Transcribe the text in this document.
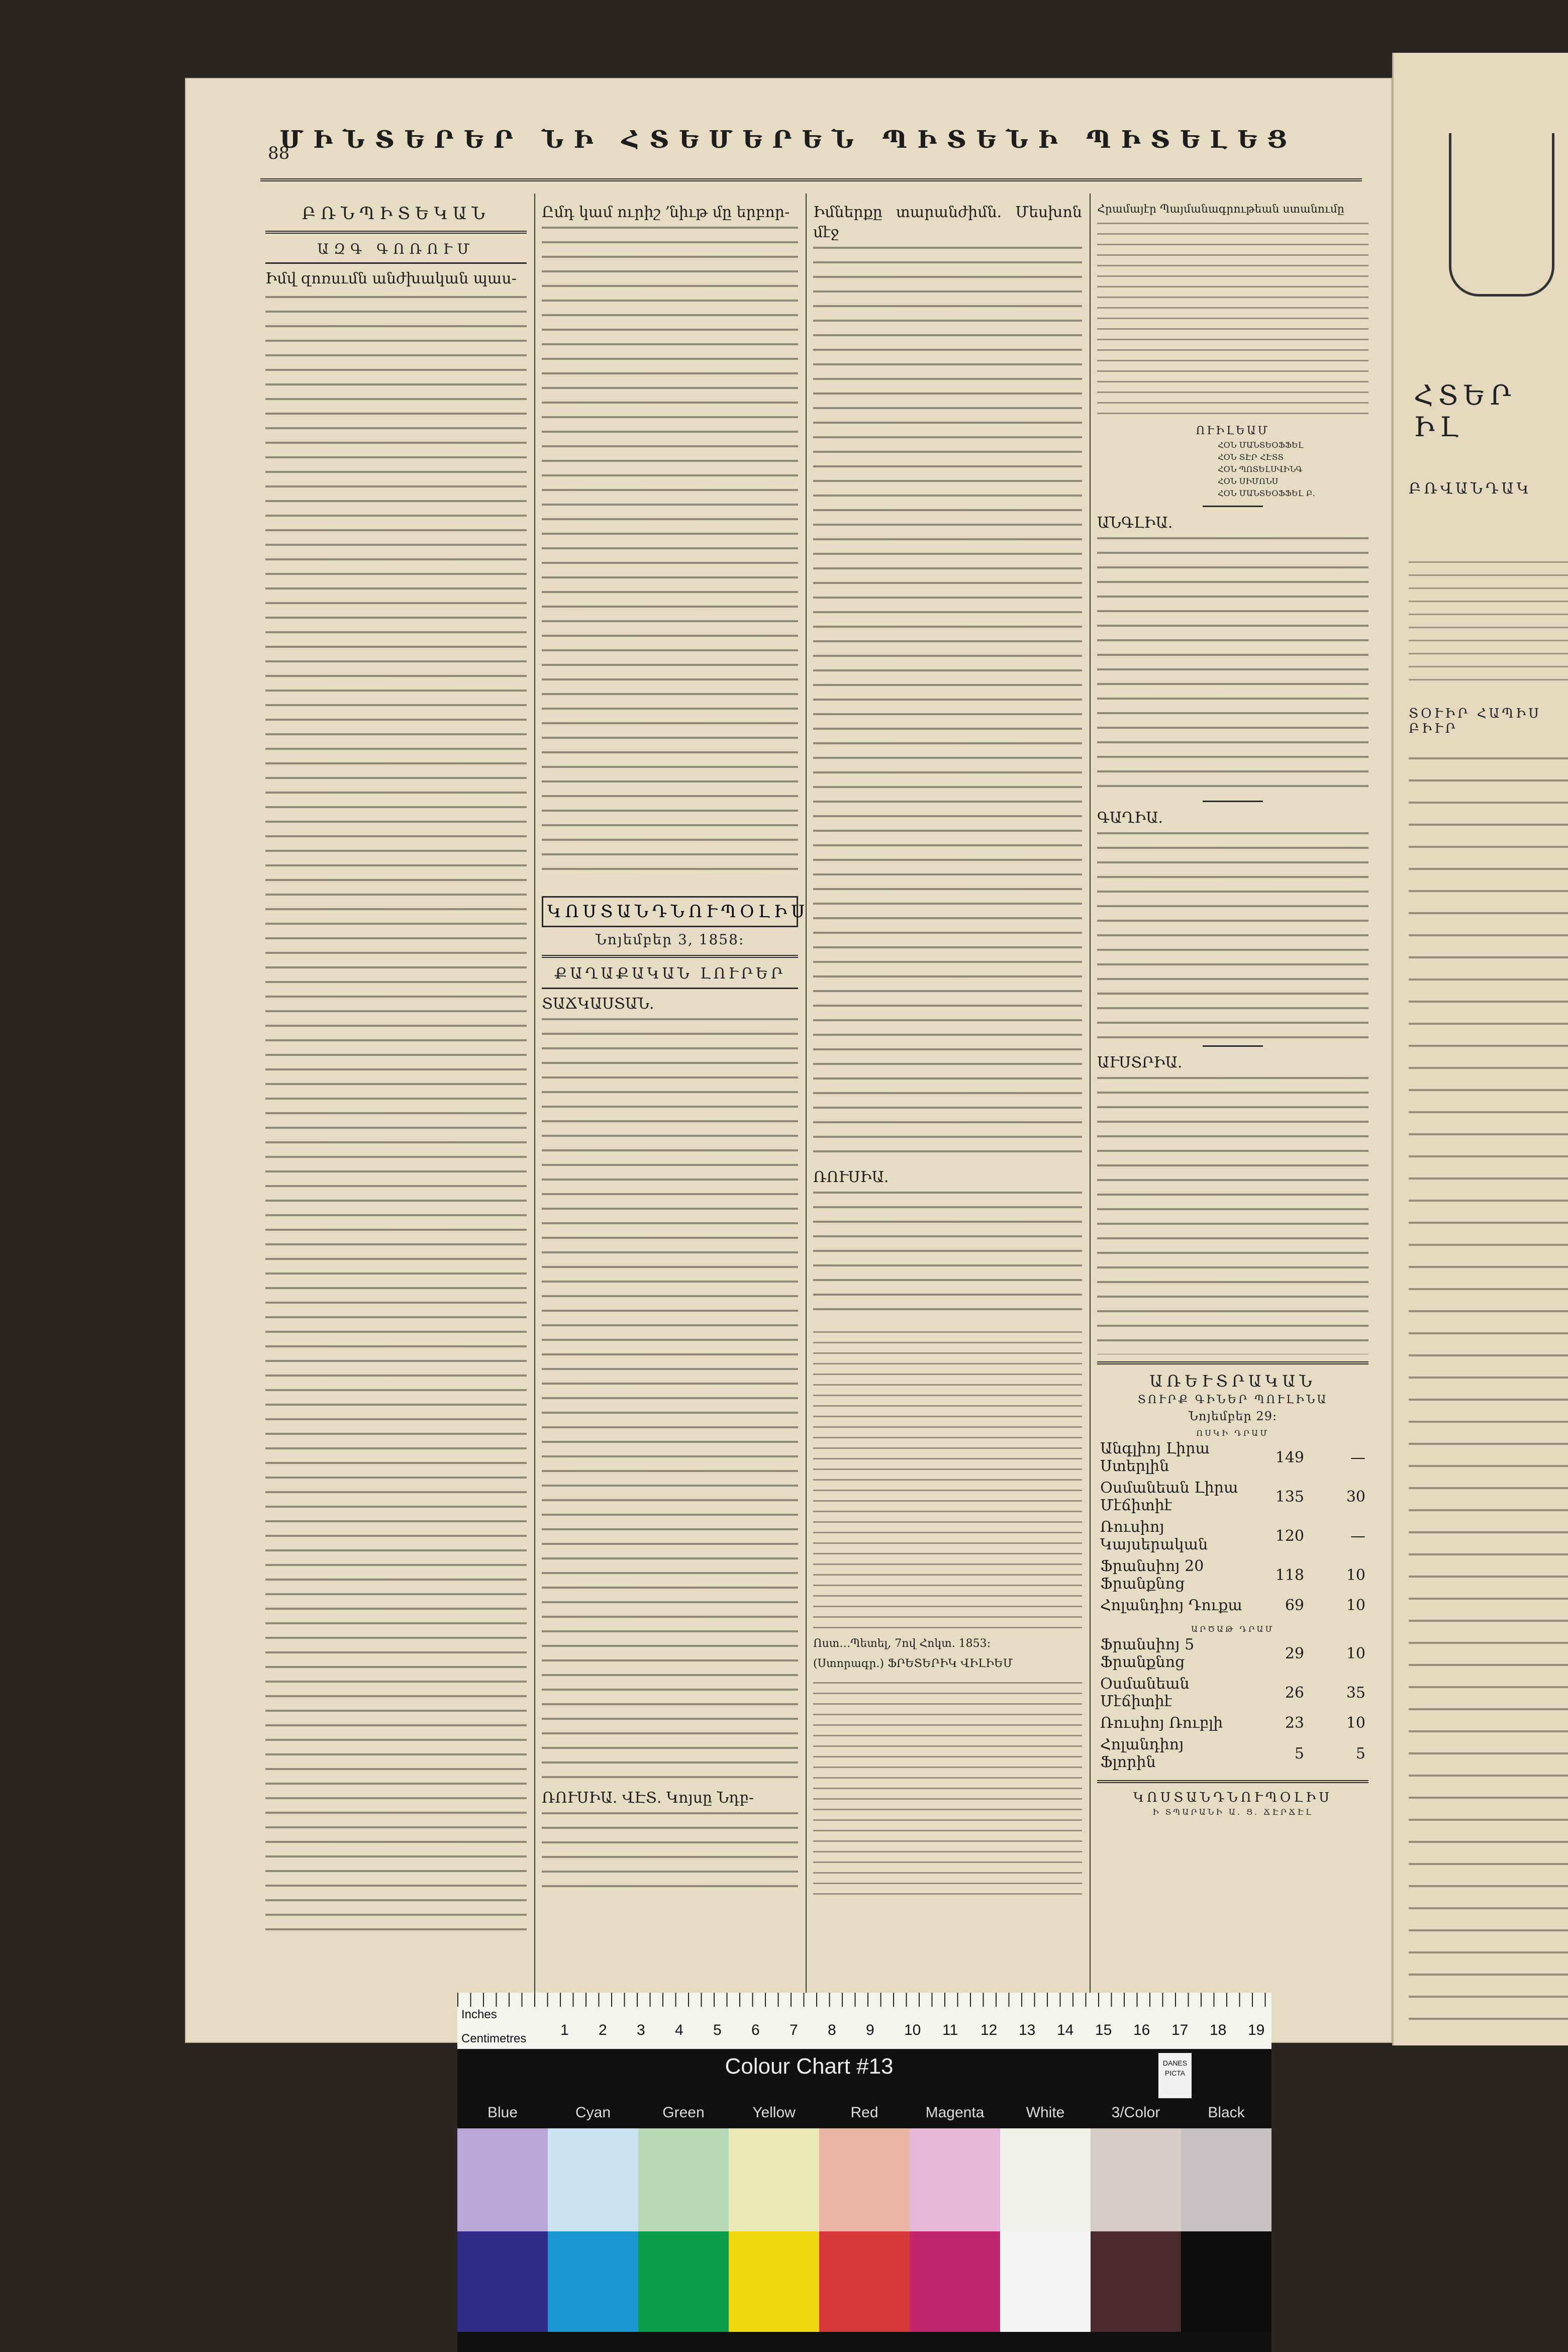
ՀՏԵՐ ԻԼ
ԲՌՎԱՆԴԱԿ
ՏՕՒԻՐ ՀԱՊԻՍ ԲԻՒՐ
88
ՄԻՆՏԵՐԵՐ ՆԻ ՀՏԵՄԵՐԵՆ ՊԻՏԵՆԻ ՊԻՏԵԼԵՑ
ԲՌՆՊԻՏԵԿԱՆ
ԱԶԳ ԳՈՌՈՒՄ
Իմվ զոռսւմն անժխական պաս-
Ըմդ կամ ուրիշ ՚նիւթ մը երբոր-
ԿՈՍՏԱՆԴՆՈՒՊՕԼԻՍ
Նոյեմբեր 3, 1858։
ՔԱՂԱՔԱԿԱՆ ԼՈՒՐԵՐ
ՏԱՃԿԱՍՏԱՆ.
ՌՈՒՍԻԱ. ՎԷՏ. Կոյսը Նդբ-
Իմներքը տարանժիմն. Մեսխոն մէջ
ՌՈՒՍԻԱ.
Ոստ…Պետել, 7ով Հոկտ. 1853։
(Ստորագր.) ՖՐԵՏԵՐԻԿ ՎԻԼԻԵՄ
Հրամայէր Պայմանագրութեան ստանումը
ՈՒԻԼԵԱՄ
ՀՕՆ ՄԱՆՏԵՕՖՖԵԼ
ՀՕՆ ՏԷՐ ՀԷՏՏ
ՀՕՆ ՊՈՏԵԼՍՎԻՆԳ
ՀՕՆ ՍԻՄՈՆՍ
ՀՕՆ ՄԱՆՏԵՕՖՖԵԼ Բ.
ԱՆԳԼԻԱ.
ԳԱՂԻԱ.
ԱՒՍՏՐԻԱ.
ԱՌԵՒՏՐԱԿԱՆ
ՏՈՒՐՔ ԳԻՆԵՐ ՊՈՒԼԻՆԱ
Նոյեմբեր 29։
ՈՍԿԻ ԴՐԱՄ
Անգլիոյ Լիրա Ստերլին	149	—
Օսմանեան Լիրա Մէճիտիէ	135	30
Ռուսիոյ Կայսերական	120	—
Ֆրանսիոյ 20 Ֆրանքնոց	118	10
Հոլանդիոյ Դուքա	69	10
ԱՐԾԱԹ ԴՐԱՄ
Ֆրանսիոյ 5 Ֆրանքնոց	29	10
Օսմանեան Մէճիտիէ	26	35
Ռուսիոյ Ռուբլի	23	10
Հոլանդիոյ Ֆլորին	5	5
ԿՈՍՏԱՆԴՆՈՒՊՕԼԻՍ
Ի ՏՊԱՐԱՆԻ Ա. Ց. ՃԷՐՃԷԼ
Inches
Centimetres
1 2 3 4 5 6 7 8 9 10 11 12 13 14 15 16 17 18 19
Colour Chart #13	DANES PICTA
Blue	Cyan	Green	Yellow	Red	Magenta	White	3/Color	Black
